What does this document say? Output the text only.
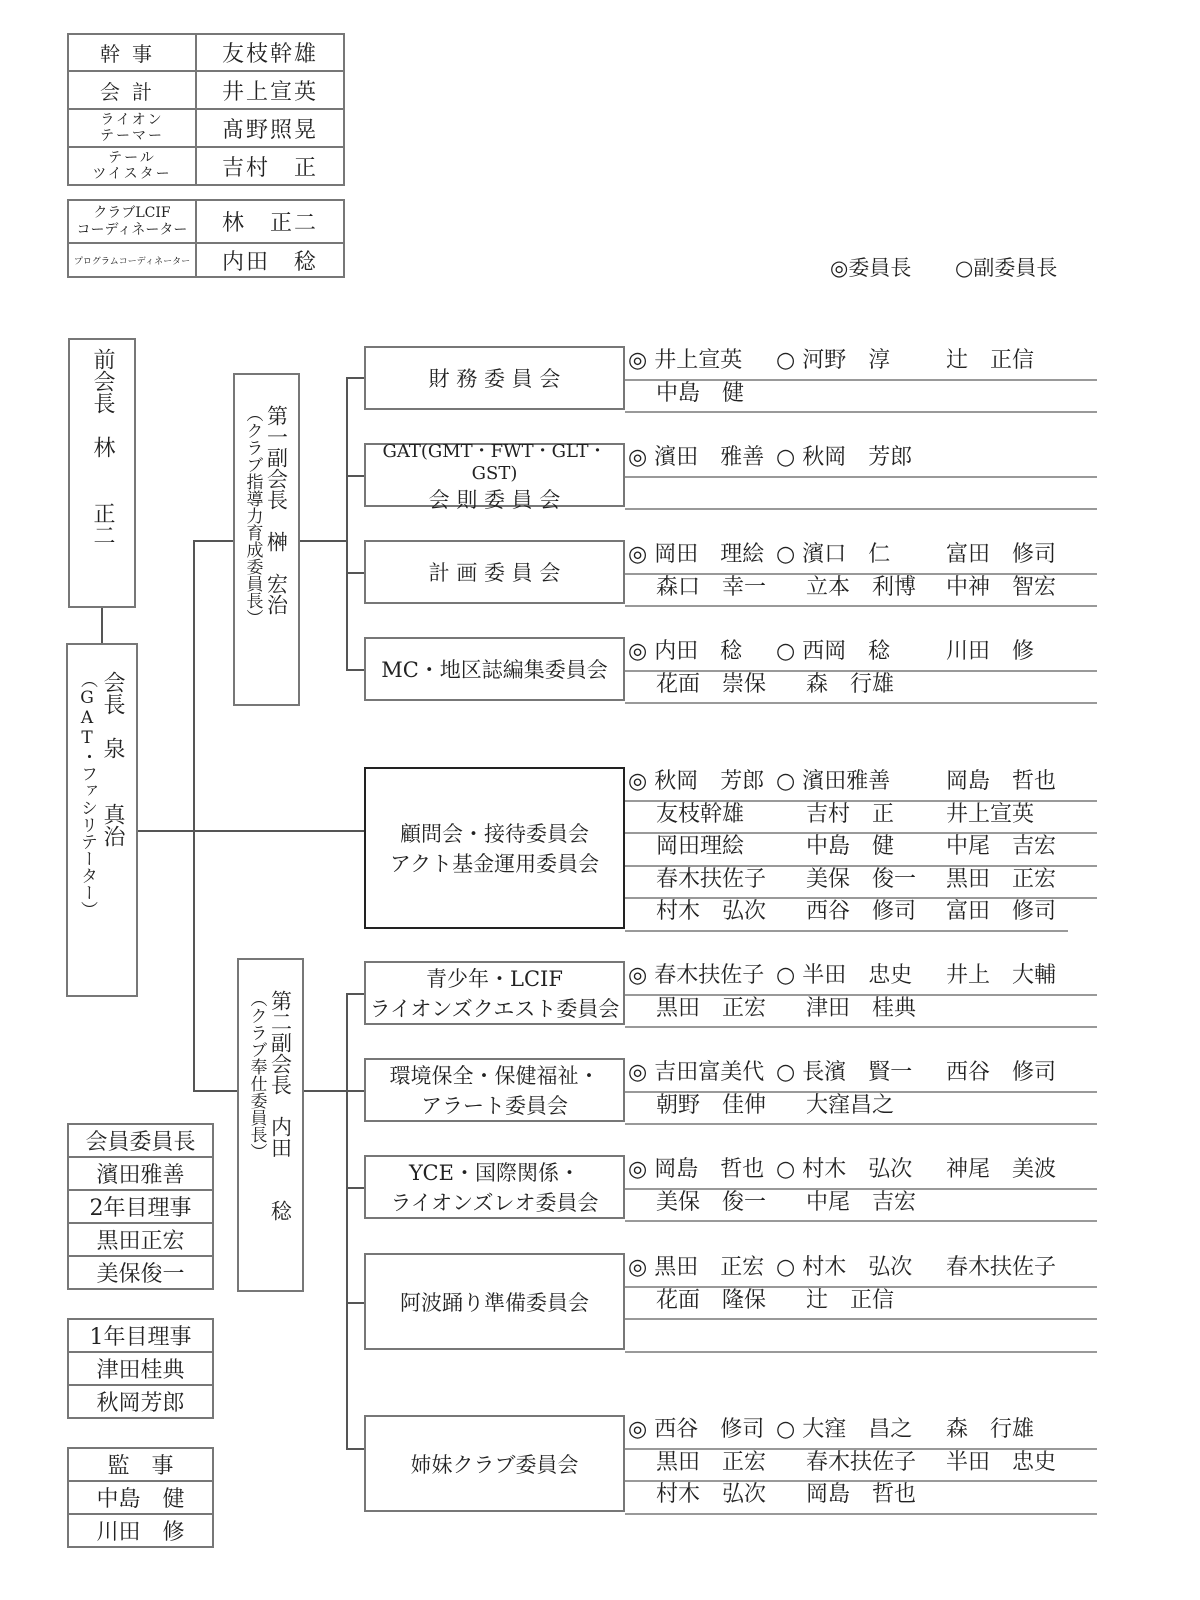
幹事	友枝幹雄
会計	井上宣英

ライオン
テーマー	髙野照晃

テール
ツイスター	吉村　正
クラブLCIF
コーディネーター	林　正二
プログラムコーディネーター	内田　稔	◎委員長 ○副委員長
前会長　林　　正二
会長　泉　　真治
（GAT・ファシリテーター）
第一副会長　榊　宏治
（クラブ指導力育成委員長）
第二副会長　内田　　稔
（クラブ奉仕委員長）
財 務 委 員 会
◎ 井上宣英 ○ 河野　淳	辻　正信
中島　健
GAT(GMT・FWT・GLT・GST)
会 則 委 員 会
◎ 濱田　雅善 ○ 秋岡　芳郎
計 画 委 員 会
◎ 岡田　理絵 ○ 濱口　仁	富田　修司
森口　幸一 立本　利博 中神　智宏
MC・地区誌編集委員会
◎ 内田　稔 ○ 西岡　稔	川田　修
花面　崇保 森　行雄
顧問会・接待委員会
アクト基金運用委員会
◎ 秋岡　芳郎 ○ 濱田雅善	岡島　哲也
友枝幹雄	吉村　正 井上宣英
岡田理絵	中島　健 中尾　吉宏
春木扶佐子 美保　俊一 黒田　正宏
村木　弘次 西谷　修司 富田　修司
青少年・LCIF
ライオンズクエスト委員会
◎ 春木扶佐子 ○ 半田　忠史 井上　大輔
黒田　正宏 津田　桂典
環境保全・保健福祉・
アラート委員会
◎ 吉田富美代 ○ 長濱　賢一 西谷　修司
朝野　佳伸 大窪昌之
YCE・国際関係・
ライオンズレオ委員会
◎ 岡島　哲也 ○ 村木　弘次 神尾　美波
美保　俊一 中尾　吉宏
阿波踊り準備委員会
◎ 黒田　正宏 ○ 村木　弘次 春木扶佐子
花面　隆保 辻　正信
姉妹クラブ委員会
◎ 西谷　修司 ○ 大窪　昌之 森　行雄
黒田　正宏 春木扶佐子 半田　忠史
村木　弘次 岡島　哲也
会員委員長
濱田雅善
2年目理事
黒田正宏
美保俊一
1年目理事
津田桂典
秋岡芳郎
監　事
中島　健
川田　修
